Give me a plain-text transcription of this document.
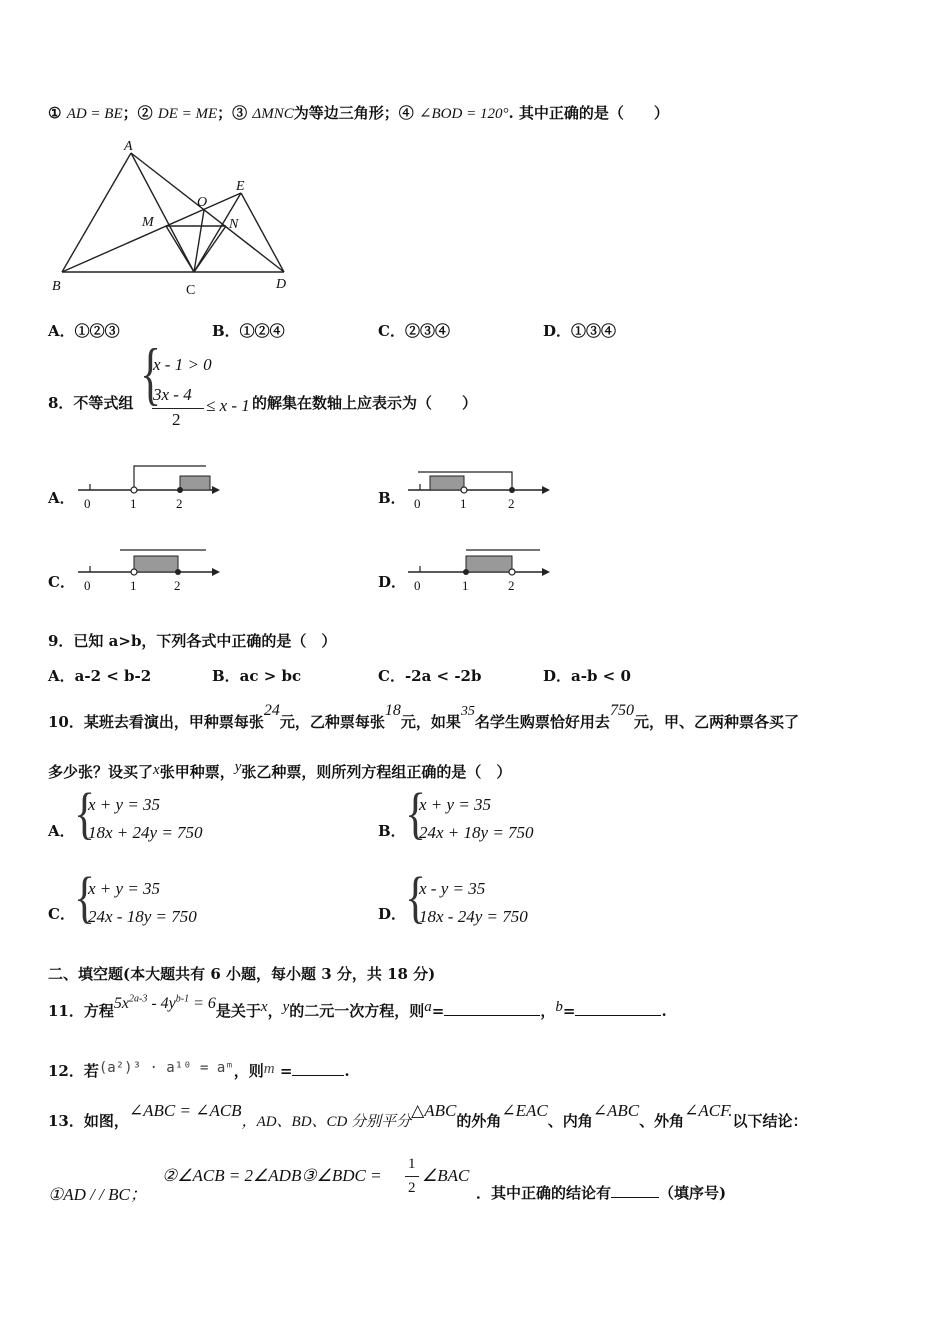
① AD = BE；② DE = ME；③ ΔMNC为等边三角形；④ ∠BOD = 120°. 其中正确的是（　　）
A
B	C	D
E
M	N
O
A．①②③	B．①②④	C．②③④	D．①③④
8．不等式组 {
x - 1 > 0
3x - 4
2
≤ x - 1 的解集在数轴上应表示为（　　）
A． 0	1	2	B． 0	1	2
C． 0	1	2	D． 0	1	2
9．已知 a>b，下列各式中正确的是（　）
A．a-2 < b-2	B．ac > bc	C．-2a < -2b	D．a-b < 0
10．某班去看演出，甲种票每张24元，乙种票每张18元，如果35名学生购票恰好用去750元，甲、乙两种票各买了
多少张？设买了x张甲种票，y张乙种票，则所列方程组正确的是（　）
A． {
x + y = 35
18x + 24y = 750	B． {
x + y = 35
24x + 18y = 750
C． {
x + y = 35
24x - 18y = 750	D．
{
x - y = 35
18x - 24y = 750
二、填空题(本大题共有 6 小题，每小题 3 分，共 18 分)
11．方程$5x^{2a-3} - 4y^{b-1} = 6$是关于x，y的二元一次方程，则a=	，b=	.
12．若(a²)³ · a¹⁰ = aᵐ，则m =	.
13．如图，∠ABC = ∠ACB，AD、BD、CD 分别平分△ABC的外角∠EAC、内角∠ABC、外角∠ACF.以下结论：
①AD / / BC；
②∠ACB = 2∠ADB③∠BDC =
1
2
∠BAC
．其中正确的结论有	（填序号)
